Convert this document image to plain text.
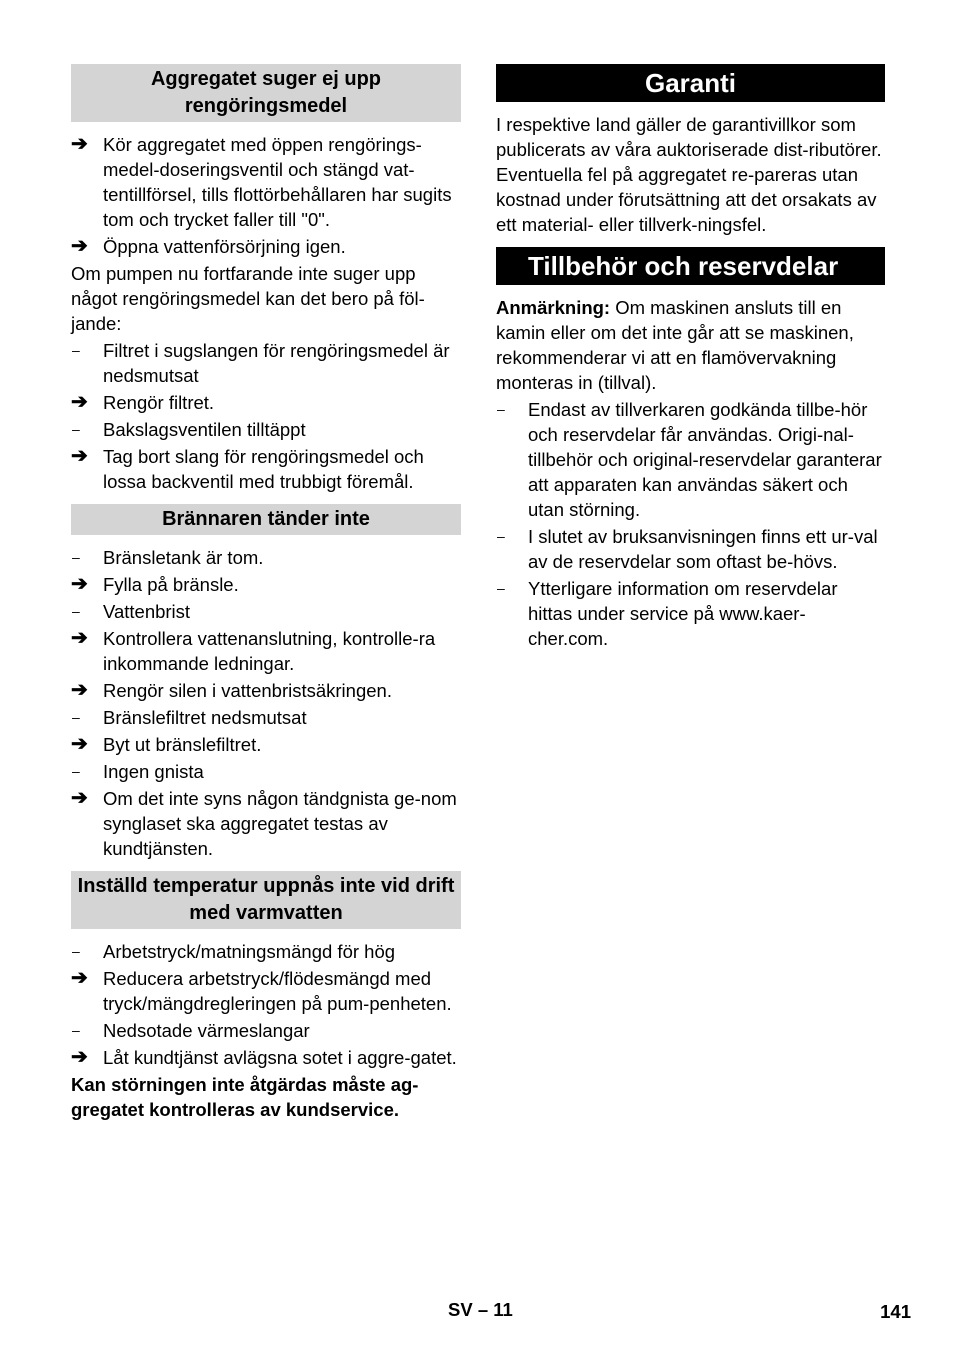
Aggregatet suger ej upp rengöringsmedel
➔ Kör aggregatet med öppen rengörings-medel-doseringsventil och stängd vat-tentillförsel, tills flottörbehållaren har sugits tom och trycket faller till "0".
➔ Öppna vattenförsörjning igen.
Om pumpen nu fortfarande inte suger upp något rengöringsmedel kan det bero på föl-jande:
–	Filtret i sugslangen för rengöringsmedel är nedsmutsat
➔ Rengör filtret.
–	Bakslagsventilen tilltäppt
➔ Tag bort slang för rengöringsmedel och lossa backventil med trubbigt föremål.
Brännaren tänder inte
–	Bränsletank är tom.
➔ Fylla på bränsle.
–	Vattenbrist
➔ Kontrollera vattenanslutning, kontrolle-ra inkommande ledningar.
➔ Rengör silen i vattenbristsäkringen.
–	Bränslefiltret nedsmutsat
➔ Byt ut bränslefiltret.
–	Ingen gnista
➔ Om det inte syns någon tändgnista ge-nom synglaset ska aggregatet testas av kundtjänsten.
Inställd temperatur uppnås inte vid drift med varmvatten
–	Arbetstryck/matningsmängd för hög
➔ Reducera arbetstryck/flödesmängd med tryck/mängdregleringen på pum-penheten.
–	Nedsotade värmeslangar
➔ Låt kundtjänst avlägsna sotet i aggre-gatet.
Kan störningen inte åtgärdas måste ag-gregatet kontrolleras av kundservice.
Garanti
I respektive land gäller de garantivillkor som publicerats av våra auktoriserade dist-ributörer. Eventuella fel på aggregatet re-pareras utan kostnad under förutsättning att det orsakats av ett material- eller tillverk-ningsfel.
Tillbehör och reservdelar
Anmärkning: Om maskinen ansluts till en kamin eller om det inte går att se maskinen, rekommenderar vi att en flamövervakning monteras in (tillval).
–	Endast av tillverkaren godkända tillbe-hör och reservdelar får användas. Origi-nal-tillbehör och original-reservdelar garanterar att apparaten kan användas säkert och utan störning.
–	I slutet av bruksanvisningen finns ett ur-val av de reservdelar som oftast be-hövs.
–	Ytterligare information om reservdelar hittas under service på www.kaer-cher.com.
SV – 11	141
